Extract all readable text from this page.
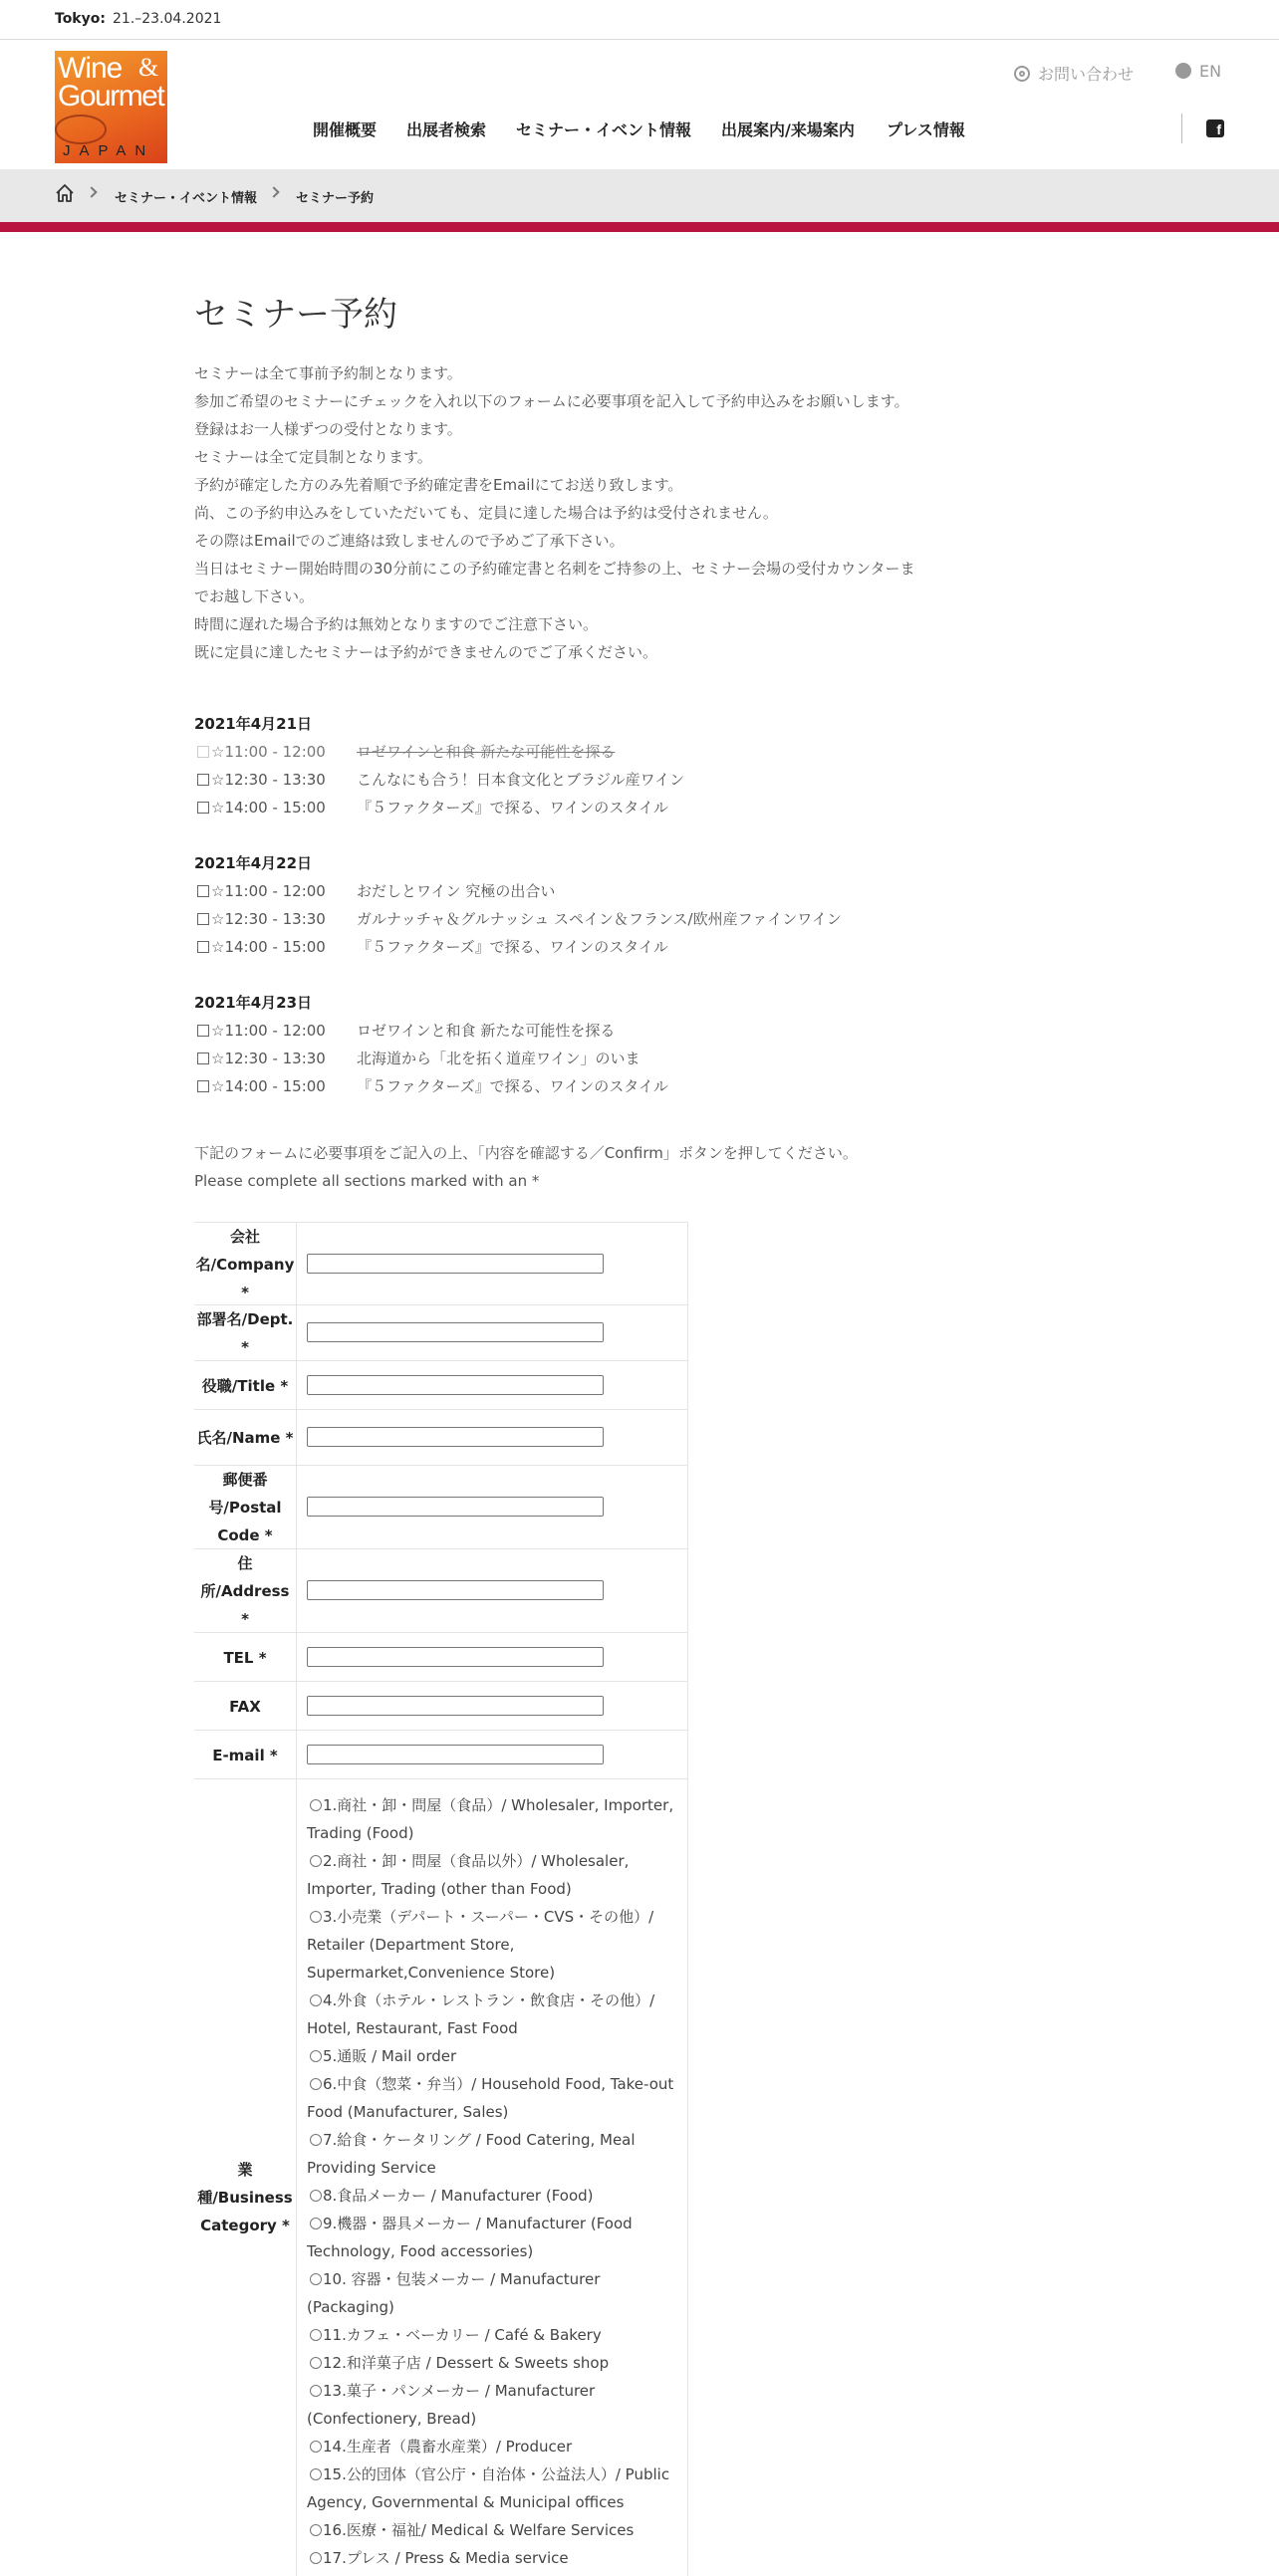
Tokyo: 21.–23.04.2021
Wine &
Gourmet
JAPAN
お問い合わせ	EN
開催概要 出展者検索 セミナー・イベント情報 出展案内/来場案内 プレス情報	f
セミナー・イベント情報	セミナー予約
セミナー予約
セミナーは全て事前予約制となります。
参加ご希望のセミナーにチェックを入れ以下のフォームに必要事項を記入して予約申込みをお願いします。
登録はお一人様ずつの受付となります。
セミナーは全て定員制となります。
予約が確定した方のみ先着順で予約確定書をEmailにてお送り致します。
尚、この予約申込みをしていただいても、定員に達した場合は予約は受付されません。
その際はEmailでのご連絡は致しませんので予めご了承下さい。
当日はセミナー開始時間の30分前にこの予約確定書と名刺をご持参の上、セミナー会場の受付カウンターまでお越し下さい。
時間に遅れた場合予約は無効となりますのでご注意下さい。
既に定員に達したセミナーは予約ができませんのでご了承ください。
2021年4月21日
☆11:00 - 12:00 ロゼワインと和食 新たな可能性を探る
☆12:30 - 13:30 こんなにも合う！日本食文化とブラジル産ワイン
☆14:00 - 15:00 『５ファクターズ』で探る、ワインのスタイル
2021年4月22日
☆11:00 - 12:00 おだしとワイン 究極の出合い
☆12:30 - 13:30 ガルナッチャ＆グルナッシュ スペイン＆フランス/欧州産ファインワイン
☆14:00 - 15:00 『５ファクターズ』で探る、ワインのスタイル
2021年4月23日
☆11:00 - 12:00 ロゼワインと和食 新たな可能性を探る
☆12:30 - 13:30 北海道から「北を拓く道産ワイン」のいま
☆14:00 - 15:00 『５ファクターズ』で探る、ワインのスタイル
下記のフォームに必要事項をご記入の上、「内容を確認する／Confirm」ボタンを押してください。
Please complete all sections marked with an *
会社名/Company *
部署名/Dept. *
役職/Title *
氏名/Name *
郵便番号/Postal Code *
住所/Address *
TEL *
FAX
E-mail *
業種/Business Category *
1.商社・卸・問屋（食品）/ Wholesaler, Importer, Trading (Food)
2.商社・卸・問屋（食品以外）/ Wholesaler, Importer, Trading (other than Food)
3.小売業（デパート・スーパー・CVS・その他）/ Retailer (Department Store, Supermarket,Convenience Store)
4.外食（ホテル・レストラン・飲食店・その他）/ Hotel, Restaurant, Fast Food
5.通販 / Mail order
6.中食（惣菜・弁当）/ Household Food, Take-out Food (Manufacturer, Sales)
7.給食・ケータリング / Food Catering, Meal Providing Service
8.食品メーカー / Manufacturer (Food)
9.機器・器具メーカー / Manufacturer (Food Technology, Food accessories)
10. 容器・包装メーカー / Manufacturer (Packaging)
11.カフェ・ベーカリー / Café & Bakery
12.和洋菓子店 / Dessert & Sweets shop
13.菓子・パンメーカー / Manufacturer (Confectionery, Bread)
14.生産者（農畜水産業）/ Producer
15.公的団体（官公庁・自治体・公益法人）/ Public Agency, Governmental & Municipal offices
16.医療・福祉/ Medical & Welfare Services
17.プレス / Press & Media service
